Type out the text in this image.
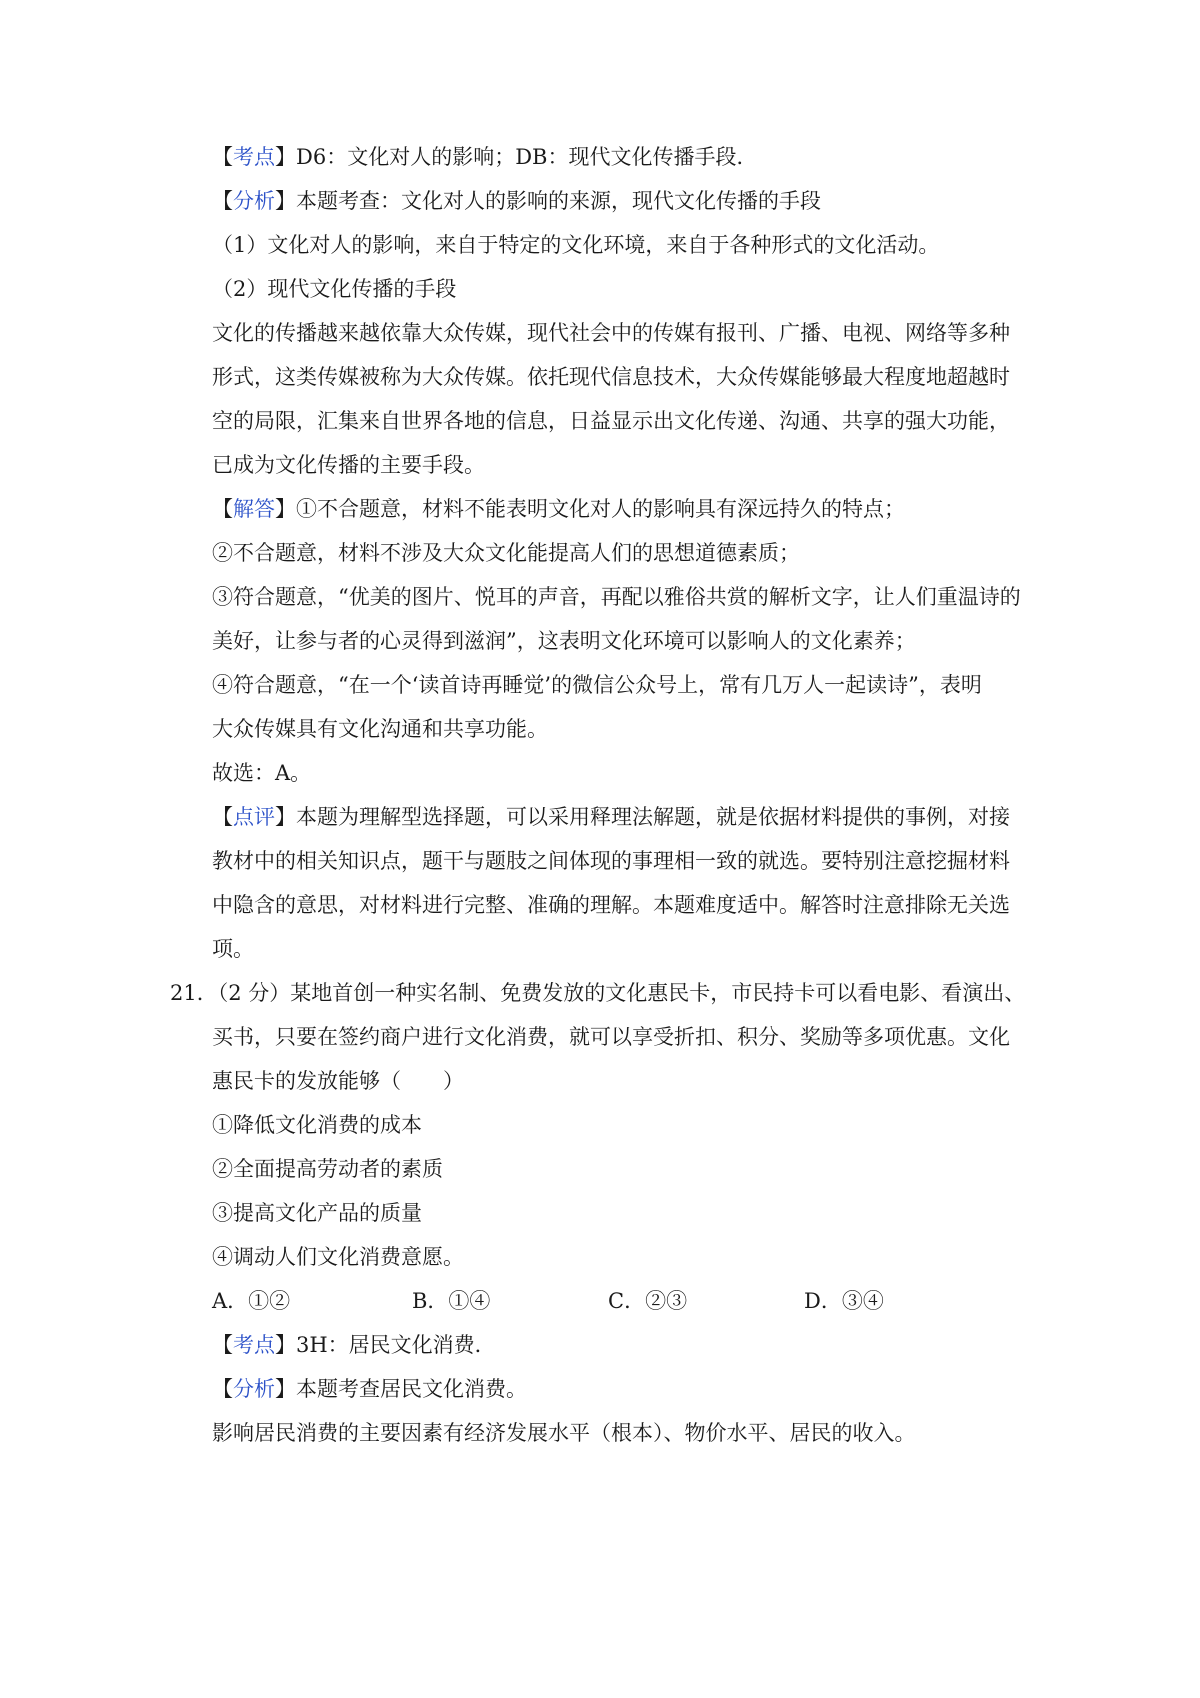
【考点】D6：文化对人的影响；DB：现代文化传播手段．
【分析】本题考查：文化对人的影响的来源，现代文化传播的手段
（1）文化对人的影响，来自于特定的文化环境，来自于各种形式的文化活动。
（2）现代文化传播的手段
文化的传播越来越依靠大众传媒，现代社会中的传媒有报刊、广播、电视、网络等多种
形式，这类传媒被称为大众传媒。依托现代信息技术，大众传媒能够最大程度地超越时
空的局限，汇集来自世界各地的信息，日益显示出文化传递、沟通、共享的强大功能，
已成为文化传播的主要手段。
【解答】①不合题意，材料不能表明文化对人的影响具有深远持久的特点；
②不合题意，材料不涉及大众文化能提高人们的思想道德素质；
③符合题意，“优美的图片、悦耳的声音，再配以雅俗共赏的解析文字，让人们重温诗的
美好，让参与者的心灵得到滋润”，这表明文化环境可以影响人的文化素养；
④符合题意，“在一个‘读首诗再睡觉’的微信公众号上，常有几万人一起读诗”，表明
大众传媒具有文化沟通和共享功能。
故选：A。
【点评】本题为理解型选择题，可以采用释理法解题，就是依据材料提供的事例，对接
教材中的相关知识点，题干与题肢之间体现的事理相一致的就选。要特别注意挖掘材料
中隐含的意思，对材料进行完整、准确的理解。本题难度适中。解答时注意排除无关选
项。
21．（2 分）某地首创一种实名制、免费发放的文化惠民卡，市民持卡可以看电影、看演出、
买书，只要在签约商户进行文化消费，就可以享受折扣、积分、奖励等多项优惠。文化
惠民卡的发放能够（　　）
①降低文化消费的成本
②全面提高劳动者的素质
③提高文化产品的质量
④调动人们文化消费意愿。
A．①②	B．①④	C．②③	D．③④
【考点】3H：居民文化消费．
【分析】本题考查居民文化消费。
影响居民消费的主要因素有经济发展水平（根本）、物价水平、居民的收入。
